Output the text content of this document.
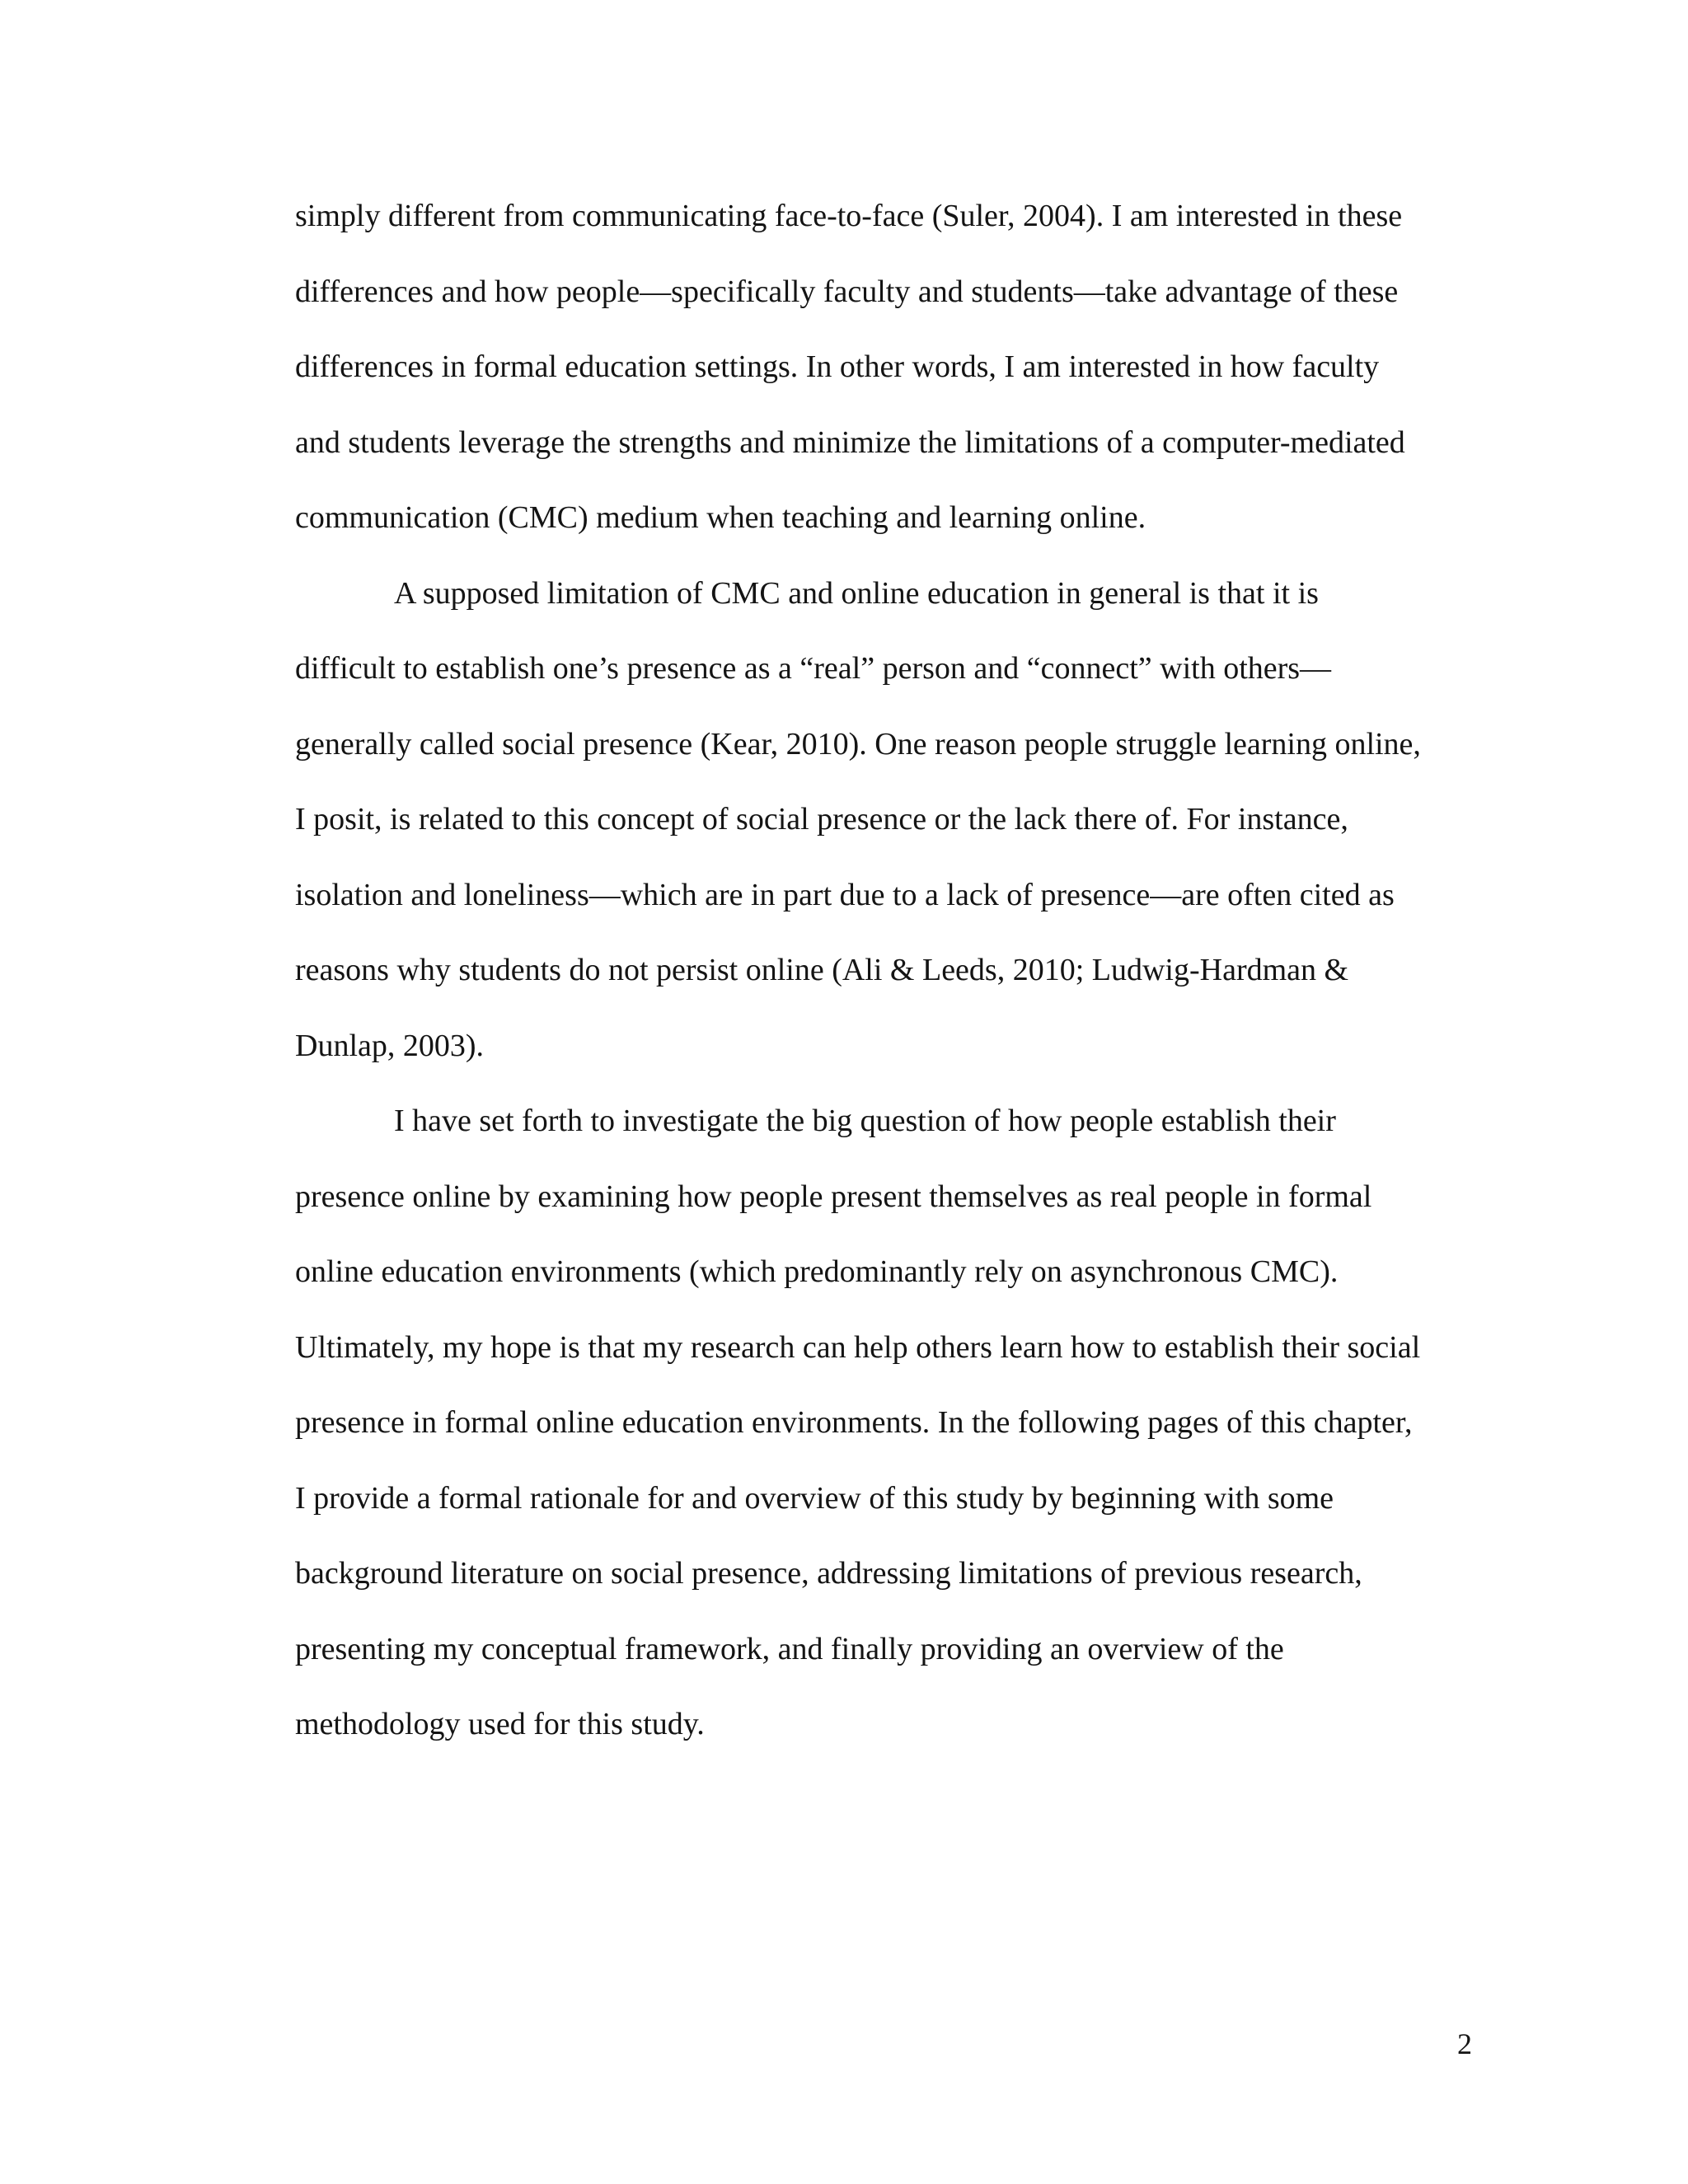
simply different from communicating face-to-face (Suler, 2004). I am interested in these
differences and how people—specifically faculty and students—take advantage of these
differences in formal education settings. In other words, I am interested in how faculty
and students leverage the strengths and minimize the limitations of a computer-mediated
communication (CMC) medium when teaching and learning online.
A supposed limitation of CMC and online education in general is that it is
difficult to establish one’s presence as a “real” person and “connect” with others—
generally called social presence (Kear, 2010). One reason people struggle learning online,
I posit, is related to this concept of social presence or the lack there of. For instance,
isolation and loneliness—which are in part due to a lack of presence—are often cited as
reasons why students do not persist online (Ali & Leeds, 2010; Ludwig-Hardman &
Dunlap, 2003).
I have set forth to investigate the big question of how people establish their
presence online by examining how people present themselves as real people in formal
online education environments (which predominantly rely on asynchronous CMC).
Ultimately, my hope is that my research can help others learn how to establish their social
presence in formal online education environments. In the following pages of this chapter,
I provide a formal rationale for and overview of this study by beginning with some
background literature on social presence, addressing limitations of previous research,
presenting my conceptual framework, and finally providing an overview of the
methodology used for this study.
2
